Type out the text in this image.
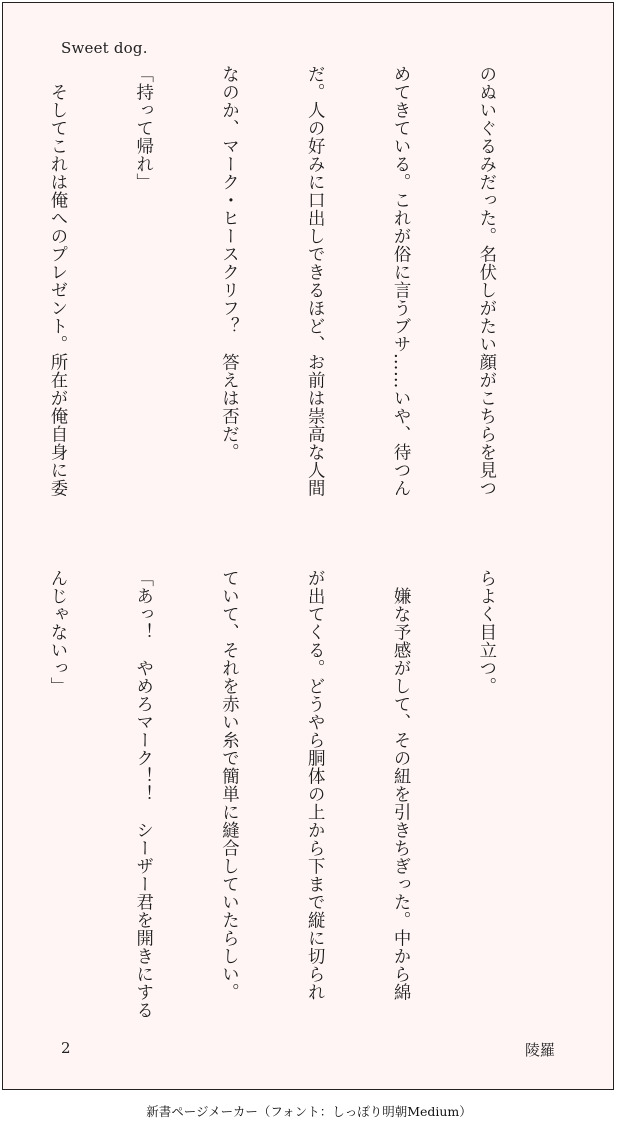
Sweet dog.

のぬいぐるみだった。名伏しがたい顔がこちらを見つ

めてきている。これが俗に言うブサ……いや、待つん

だ。人の好みに口出しできるほど、お前は崇高な人間

なのか、マーク・ヒースクリフ？　答えは否だ。

「持って帰れ」

　そしてこれは俺へのプレゼント。所在が俺自身に委

らよく目立つ。

　嫌な予感がして、その紐を引きちぎった。中から綿

が出てくる。どうやら胴体の上から下まで縦に切られ

ていて、それを赤い糸で簡単に縫合していたらしい。

「あっ！　やめろマーク！！　シーザー君を開きにする

んじゃないっ」

2	陵羅
新書ページメーカー（フォント：しっぽり明朝Medium）
